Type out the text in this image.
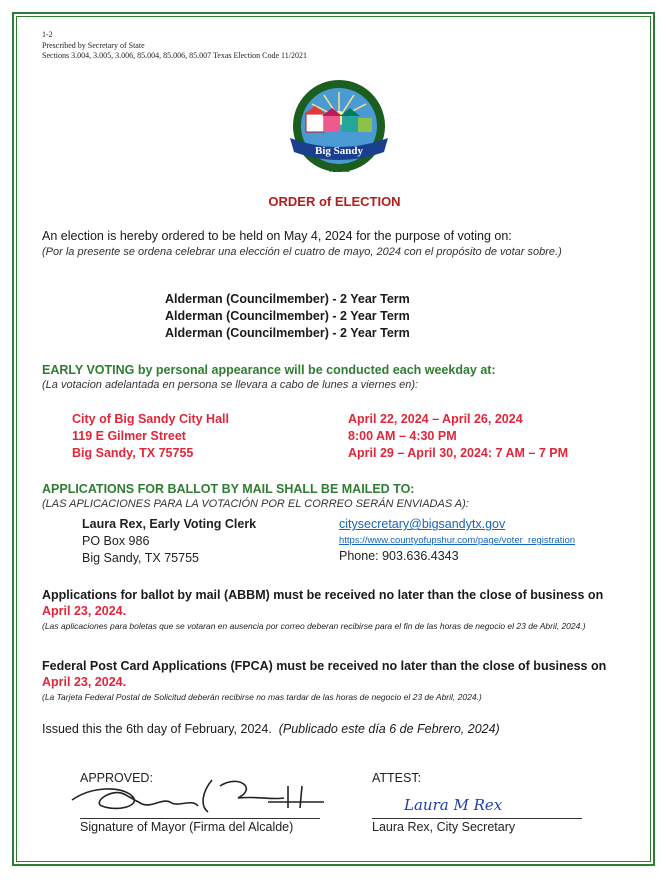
1-2
Prescribed by Secretary of State
Sections 3.004, 3.005, 3.006, 85.004, 85.006, 85.007 Texas Election Code 11/2021
Big Sandy
TEXAS
ORDER of ELECTION
An election is hereby ordered to be held on May 4, 2024 for the purpose of voting on:
(Por la presente se ordena celebrar una elección el cuatro de mayo, 2024 con el propósito de votar sobre.)
Alderman (Councilmember) - 2 Year Term
Alderman (Councilmember) - 2 Year Term
Alderman (Councilmember) - 2 Year Term
EARLY VOTING by personal appearance will be conducted each weekday at:
(La votacion adelantada en persona se llevara a cabo de lunes a viernes en):
City of Big Sandy City Hall
119 E Gilmer Street
Big Sandy, TX 75755
April 22, 2024 – April 26, 2024
8:00 AM – 4:30 PM
April 29 – April 30, 2024: 7 AM – 7 PM
APPLICATIONS FOR BALLOT BY MAIL SHALL BE MAILED TO:
(LAS APLICACIONES PARA LA VOTACIÓN POR EL CORREO SERÁN ENVIADAS A):
Laura Rex, Early Voting Clerk
PO Box 986
Big Sandy, TX 75755
citysecretary@bigsandytx.gov
https://www.countyofupshur.com/page/voter_registration
Phone: 903.636.4343
Applications for ballot by mail (ABBM) must be received no later than the close of business on
April 23, 2024.
(Las aplicaciones para boletas que se votaran en ausencia por correo deberan recibirse para el fin de las horas de negocio el 23 de Abril, 2024.)
Federal Post Card Applications (FPCA) must be received no later than the close of business on
April 23, 2024.
(La Tarjeta Federal Postal de Solicitud deberán recibirse no mas tardar de las horas de negocio el 23 de Abril, 2024.)
Issued this the 6th day of February, 2024. (Publicado este día 6 de Febrero, 2024)
APPROVED:
Signature of Mayor (Firma del Alcalde)
ATTEST:
Laura M Rex
Laura Rex, City Secretary
